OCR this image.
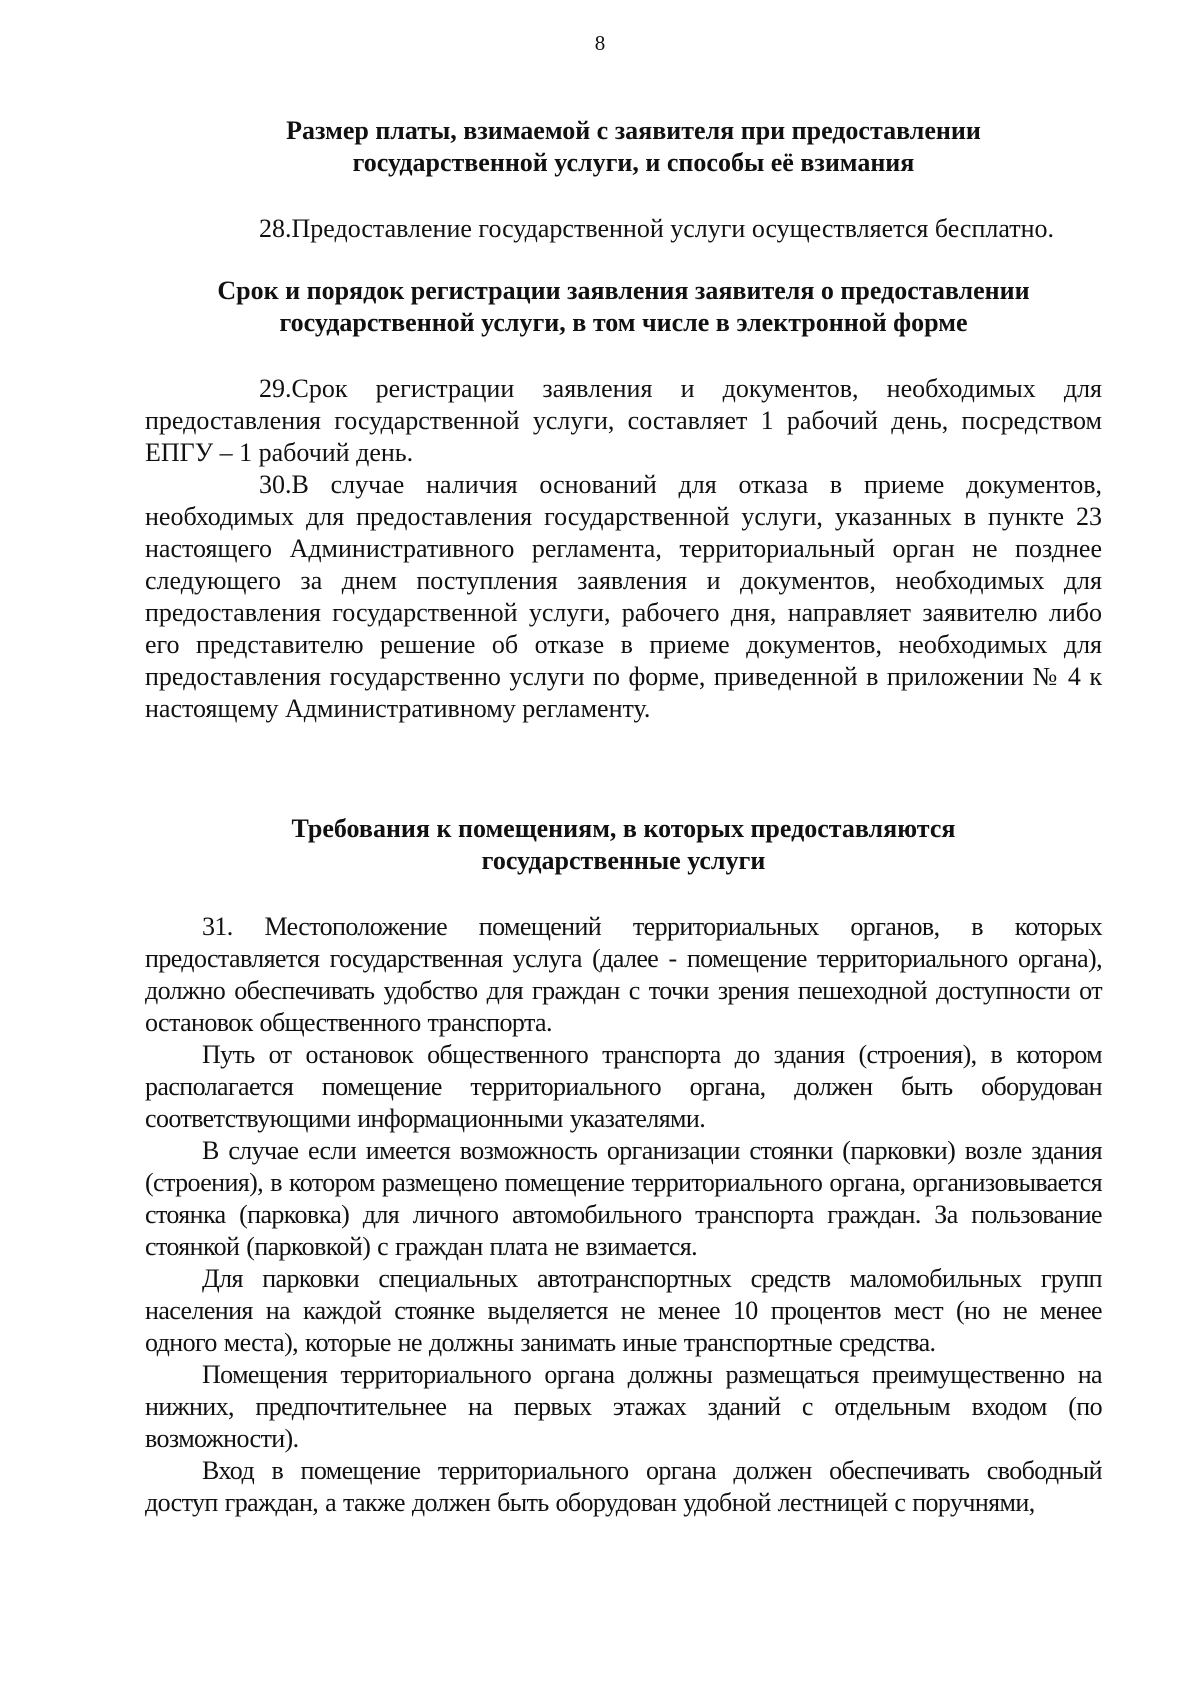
8
Размер платы, взимаемой с заявителя при предоставлении
государственной услуги, и способы её взимания

28.Предоставление государственной услуги осуществляется бесплатно.

Срок и порядок регистрации заявления заявителя о предоставлении
государственной услуги, в том числе в электронной форме

29.Срок регистрации заявления и документов, необходимых для предоставления государственной услуги, составляет 1 рабочий день, посредством ЕПГУ – 1 рабочий день.

30.В случае наличия оснований для отказа в приеме документов, необходимых для предоставления государственной услуги, указанных в пункте 23 настоящего Административного регламента, территориальный орган не позднее следующего за днем поступления заявления и документов, необходимых для предоставления государственной услуги, рабочего дня, направляет заявителю либо его представителю решение об отказе в приеме документов, необходимых для предоставления государственно услуги по форме, приведенной в приложении № 4 к настоящему Административному регламенту.

Требования к помещениям, в которых предоставляются
государственные услуги

31. Местоположение помещений территориальных органов, в которых предоставляется государственная услуга (далее - помещение территориального органа), должно обеспечивать удобство для граждан с точки зрения пешеходной доступности от остановок общественного транспорта.

Путь от остановок общественного транспорта до здания (строения), в котором располагается помещение территориального органа, должен быть оборудован соответствующими информационными указателями.

В случае если имеется возможность организации стоянки (парковки) возле здания (строения), в котором размещено помещение территориального органа, организовывается стоянка (парковка) для личного автомобильного транспорта граждан. За пользование стоянкой (парковкой) с граждан плата не взимается.

Для парковки специальных автотранспортных средств маломобильных групп населения на каждой стоянке выделяется не менее 10 процентов мест (но не менее одного места), которые не должны занимать иные транспортные средства.

Помещения территориального органа должны размещаться преимущественно на нижних, предпочтительнее на первых этажах зданий с отдельным входом (по возможности).

Вход в помещение территориального органа должен обеспечивать свободный доступ граждан, а также должен быть оборудован удобной лестницей с поручнями,
